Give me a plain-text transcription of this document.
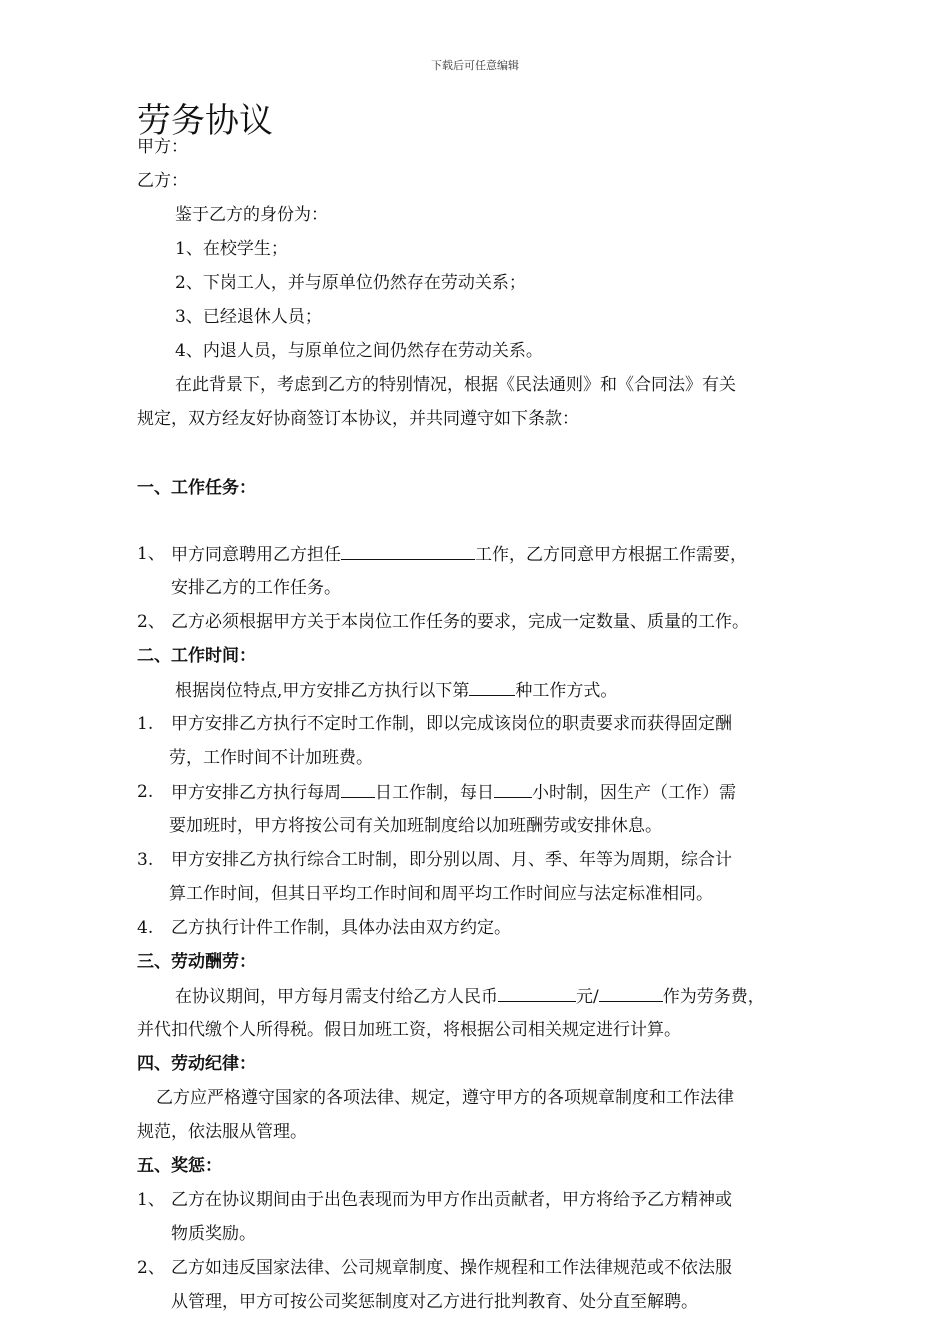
下载后可任意编辑
劳务协议
甲方：
乙方：
鉴于乙方的身份为：
1、在校学生；
2、下岗工人，并与原单位仍然存在劳动关系；
3、已经退休人员；
4、内退人员，与原单位之间仍然存在劳动关系。
在此背景下，考虑到乙方的特别情况，根据《民法通则》和《合同法》有关
规定，双方经友好协商签订本协议，并共同遵守如下条款：
一、工作任务：
1、 甲方同意聘用乙方担任	工作，乙方同意甲方根据工作需要，
安排乙方的工作任务。
2、 乙方必须根据甲方关于本岗位工作任务的要求，完成一定数量、质量的工作。
二、工作时间：
根据岗位特点,甲方安排乙方执行以下第	种工作方式。
1. 甲方安排乙方执行不定时工作制，即以完成该岗位的职责要求而获得固定酬
劳，工作时间不计加班费。
2. 甲方安排乙方执行每周 日工作制，每日 小时制，因生产（工作）需
要加班时，甲方将按公司有关加班制度给以加班酬劳或安排休息。
3. 甲方安排乙方执行综合工时制，即分别以周、月、季、年等为周期，综合计
算工作时间，但其日平均工作时间和周平均工作时间应与法定标准相同。
4. 乙方执行计件工作制，具体办法由双方约定。
三、劳动酬劳：
在协议期间，甲方每月需支付给乙方人民币	元/	作为劳务费，
并代扣代缴个人所得税。假日加班工资，将根据公司相关规定进行计算。
四、劳动纪律：
乙方应严格遵守国家的各项法律、规定，遵守甲方的各项规章制度和工作法律
规范，依法服从管理。
五、奖惩：
1、 乙方在协议期间由于出色表现而为甲方作出贡献者，甲方将给予乙方精神或
物质奖励。
2、 乙方如违反国家法律、公司规章制度、操作规程和工作法律规范或不依法服
从管理，甲方可按公司奖惩制度对乙方进行批判教育、处分直至解聘。
